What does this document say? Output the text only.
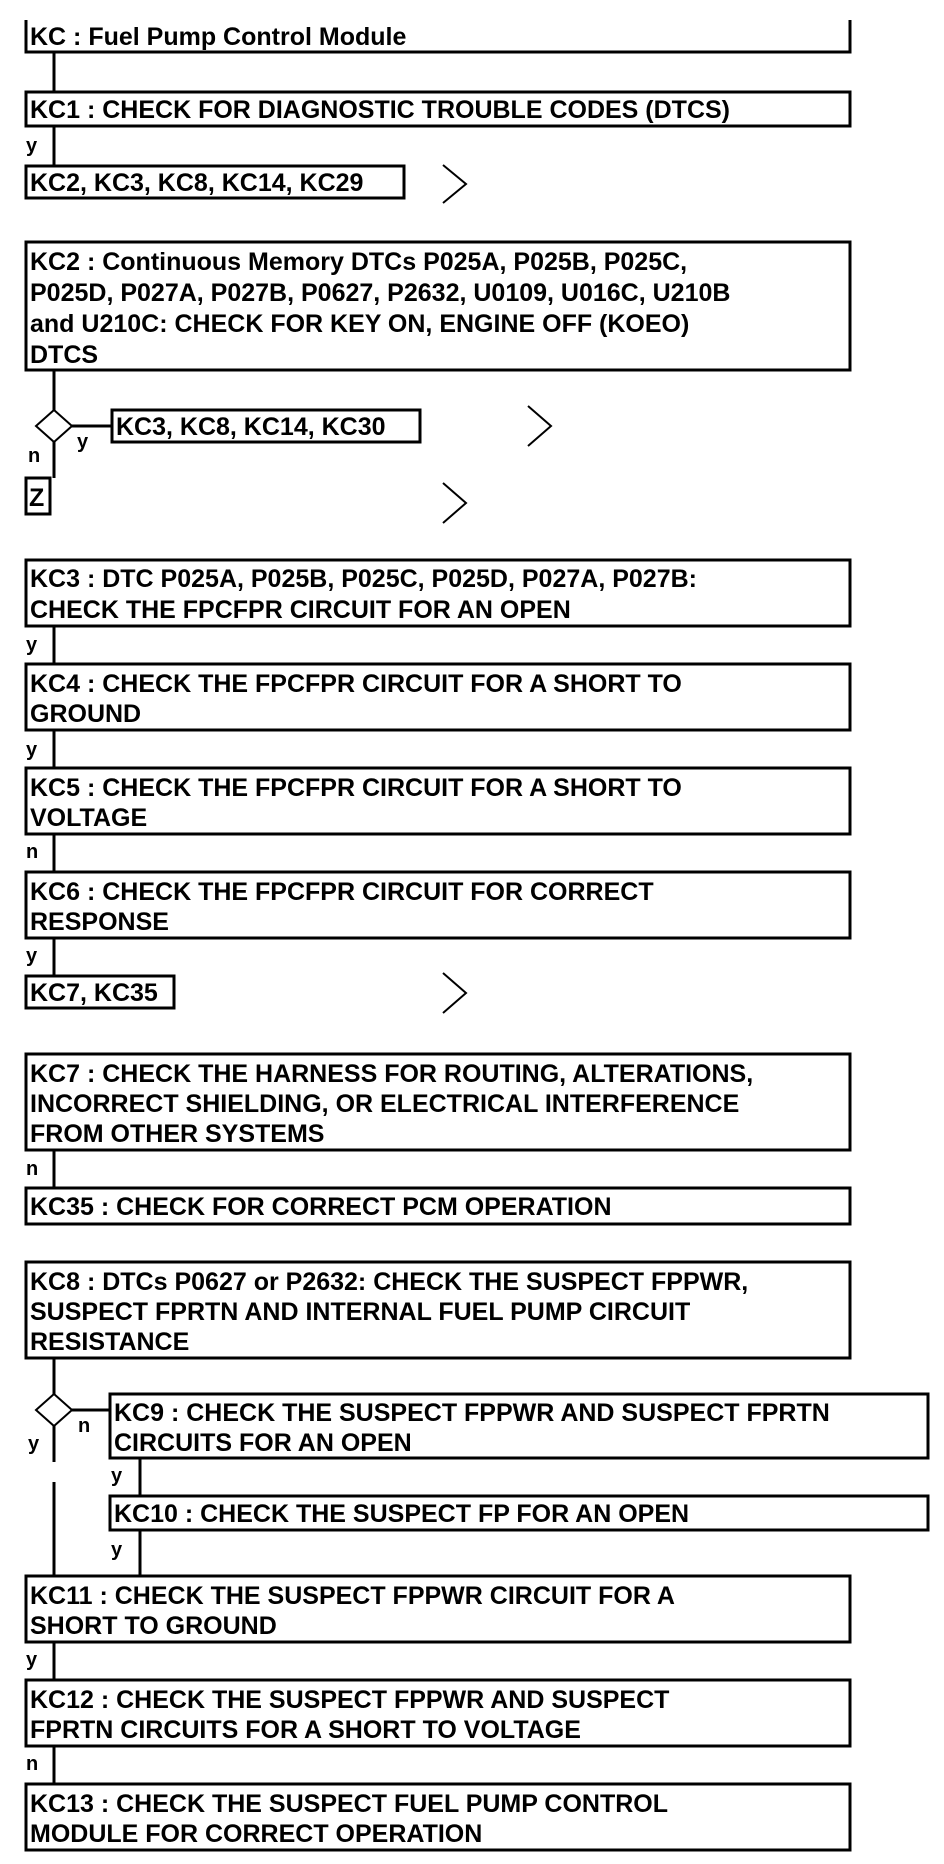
KC : Fuel Pump Control Module
KC1 : CHECK FOR DIAGNOSTIC TROUBLE CODES (DTCS)
y
KC2, KC3, KC8, KC14, KC29
KC2 : Continuous Memory DTCs P025A, P025B, P025C,
P025D, P027A, P027B, P0627, P2632, U0109, U016C, U210B
and U210C: CHECK FOR KEY ON, ENGINE OFF (KOEO)
DTCS
y
KC3, KC8, KC14, KC30
n
Z
KC3 : DTC P025A, P025B, P025C, P025D, P027A, P027B:
CHECK THE FPCFPR CIRCUIT FOR AN OPEN
y
KC4 : CHECK THE FPCFPR CIRCUIT FOR A SHORT TO
GROUND
y
KC5 : CHECK THE FPCFPR CIRCUIT FOR A SHORT TO
VOLTAGE
n
KC6 : CHECK THE FPCFPR CIRCUIT FOR CORRECT
RESPONSE
y
KC7, KC35
KC7 : CHECK THE HARNESS FOR ROUTING, ALTERATIONS,
INCORRECT SHIELDING, OR ELECTRICAL INTERFERENCE
FROM OTHER SYSTEMS
n
KC35 : CHECK FOR CORRECT PCM OPERATION
KC8 : DTCs P0627 or P2632: CHECK THE SUSPECT FPPWR,
SUSPECT FPRTN AND INTERNAL FUEL PUMP CIRCUIT
RESISTANCE
n
y
KC9 : CHECK THE SUSPECT FPPWR AND SUSPECT FPRTN
CIRCUITS FOR AN OPEN
y
KC10 : CHECK THE SUSPECT FP FOR AN OPEN
y
KC11 : CHECK THE SUSPECT FPPWR CIRCUIT FOR A
SHORT TO GROUND
y
KC12 : CHECK THE SUSPECT FPPWR AND SUSPECT
FPRTN CIRCUITS FOR A SHORT TO VOLTAGE
n
KC13 : CHECK THE SUSPECT FUEL PUMP CONTROL
MODULE FOR CORRECT OPERATION
